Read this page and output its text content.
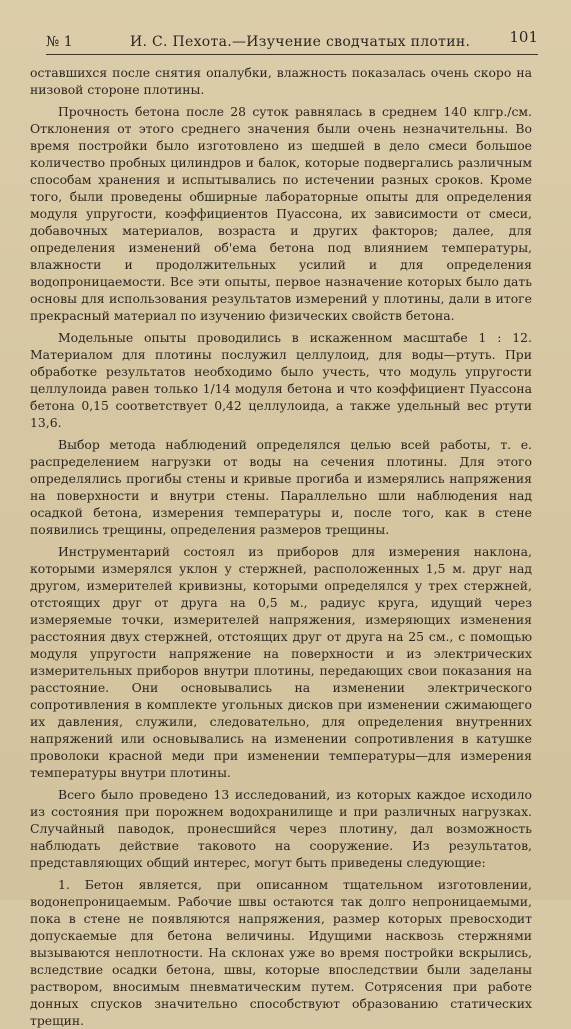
№ 1	И. С. Пехота.—Изучение сводчатых плотин.	101

оставшихся после снятия опалубки, влажность показалась очень скоро на низовой стороне плотины.

Прочность бетона после 28 суток равнялась в среднем 140 клгр./см. Отклонения от этого среднего значения были очень незначительны. Во время постройки было изготовлено из шедшей в дело смеси большое количество пробных цилиндров и балок, которые подвергались различным способам хранения и испытывались по истечении разных сроков. Кроме того, были проведены обширные лабораторные опыты для определения модуля упругости, коэффициентов Пуассона, их зависимости от смеси, добавочных материалов, возраста и других факторов; далее, для определения изменений об'ема бетона под влиянием температуры, влажности и продолжительных усилий и для определения водопроницаемости. Все эти опыты, первое назначение которых было дать основы для использования результатов измерений у плотины, дали в итоге прекрасный материал по изучению физических свойств бетона.

Модельные опыты проводились в искаженном масштабе 1 : 12. Материалом для плотины послужил целлулоид, для воды—ртуть. При обработке результатов необходимо было учесть, что модуль упругости целлулоида равен только 1/14 модуля бетона и что коэффициент Пуассона бетона 0,15 соответствует 0,42 целлулоида, а также удельный вес ртути 13,6.

Выбор метода наблюдений определялся целью всей работы, т. е. распределением нагрузки от воды на сечения плотины. Для этого определялись прогибы стены и кривые прогиба и измерялись напряжения на поверхности и внутри стены. Параллельно шли наблюдения над осадкой бетона, измерения температуры и, после того, как в стене появились трещины, определения размеров трещины.

Инструментарий состоял из приборов для измерения наклона, которыми измерялся уклон у стержней, расположенных 1,5 м. друг над другом, измерителей кривизны, которыми определялся у трех стержней, отстоящих друг от друга на 0,5 м., радиус круга, идущий через измеряемые точки, измерителей напряжения, измеряющих изменения расстояния двух стержней, отстоящих друг от друга на 25 см., с помощью модуля упругости напряжение на поверхности и из электрических измерительных приборов внутри плотины, передающих свои показания на расстояние. Они основывались на изменении электрического сопротивления в комплекте угольных дисков при изменении сжимающего их давления, служили, следовательно, для определения внутренних напряжений или основывались на изменении сопротивления в катушке проволоки красной меди при изменении температуры—для измерения температуры внутри плотины.

Всего было проведено 13 исследований, из которых каждое исходило из состояния при порожнем водохранилище и при различных нагрузках. Случайный паводок, пронесшийся через плотину, дал возможность наблюдать действие таковото на сооружение. Из результатов, представляющих общий интерес, могут быть приведены следующие:

1. Бетон является, при описанном тщательном изготовлении, водонепроницаемым. Рабочие швы остаются так долго непроницаемыми, пока в стене не появляются напряжения, размер которых превосходит допускаемые для бетона величины. Идущими насквозь стержнями вызываются неплотности. На склонах уже во время постройки вскрылись, вследствие осадки бетона, швы, которые впоследствии были заделаны раствором, вносимым пневматическим путем. Сотрясения при работе донных спусков значительно способствуют образованию статических трещин.
